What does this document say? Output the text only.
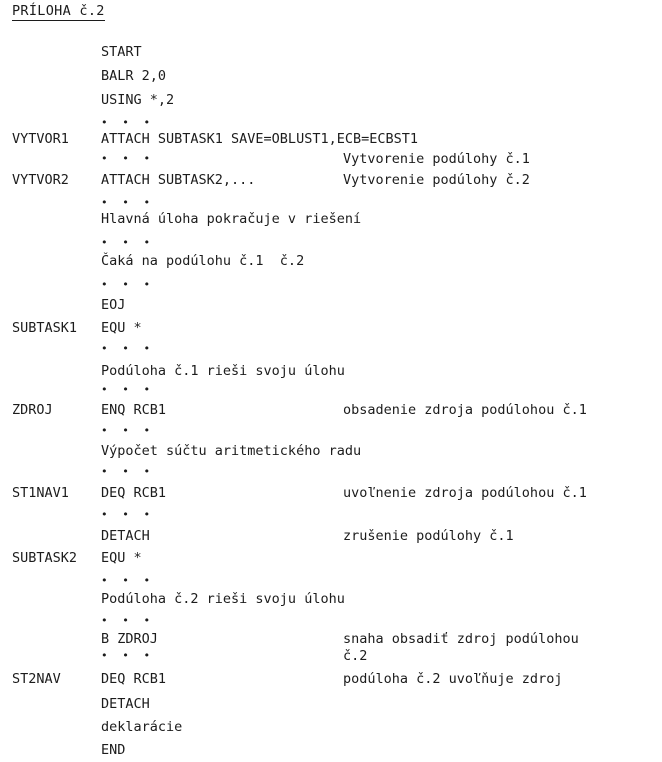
PRÍLOHA č.2
START
BALR 2,0
USING *,2
• • •
VYTVOR1 ATTACH SUBTASK1 SAVE=OBLUST1,ECB=ECBST1
• • •	Vytvorenie podúlohy č.1
VYTVOR2 ATTACH SUBTASK2,...	Vytvorenie podúlohy č.2
• • •
Hlavná úloha pokračuje v riešení
• • •
Čaká na podúlohu č.1  č.2
• • •
EOJ
SUBTASK1 EQU *
• • •
Podúloha č.1 rieši svoju úlohu
• • •
ZDROJ	ENQ RCB1	obsadenie zdroja podúlohou č.1
• • •
Výpočet súčtu aritmetického radu
• • •
ST1NAV1 DEQ RCB1	uvoľnenie zdroja podúlohou č.1
• • •
DETACH	zrušenie podúlohy č.1
SUBTASK2 EQU *
• • •
Podúloha č.2 rieši svoju úlohu
• • •
B ZDROJ	snaha obsadiť zdroj podúlohou
• • •	č.2
ST2NAV	DEQ RCB1	podúloha č.2 uvoľňuje zdroj
DETACH
deklarácie
END
